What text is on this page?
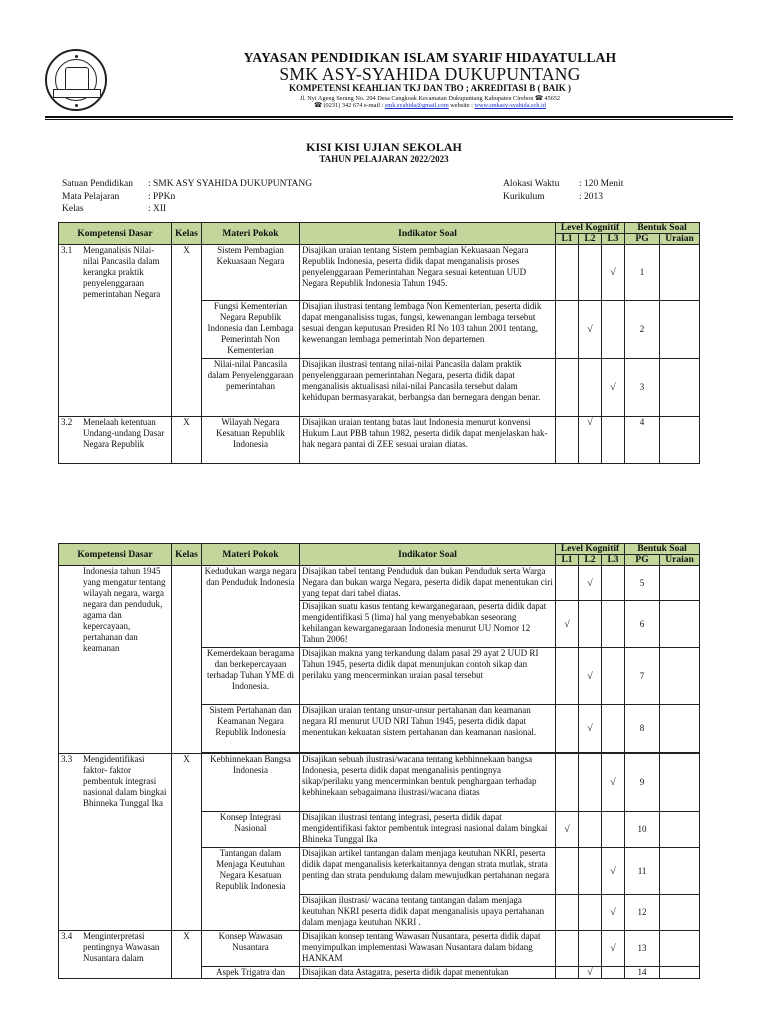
YAYASAN PENDIDIKAN ISLAM SYARIF HIDAYATULLAH
SMK ASY-SYAHIDA DUKUPUNTANG
KOMPETENSI KEAHLIAN TKJ DAN TBO ; AKREDITASI B ( BAIK )
Jl. Nyi Ageng Serang No. 204 Desa Cangkoak Kecamatan Dukupuntang Kabupaten Cirebon ☎ 45652
☎ (0231) 342 674 e-mail : smk.syahida@gmail.com website : www.smkasy-syahida.sch.id
KISI KISI UJIAN SEKOLAH
TAHUN PELAJARAN 2022/2023
Satuan Pendidikan : SMK ASY SYAHIDA DUKUPUNTANG
Mata Pelajaran	: PPKn
Kelas	: XII
Alokasi Waktu : 120 Menit
Kurikulum	: 2013
Kompetensi Dasar	Kelas	Materi Pokok	Indikator Soal	Level Kognitif			Bentuk Soal	
				L1	L2	L3	PG	Uraian

3.1 Menganalisis Nilai-nilai Pancasila dalam kerangka praktik penyelenggaraan pemerintahan Negara	X	Sistem Pembagian Kekuasaan Negara	Disajikan uraian tentang Sistem pembagian Kekuasaan Negara Republik Indonesia, peserta didik dapat menganalisis proses penyelenggaraan Pemerintahan Negara sesuai ketentuan UUD Negara Republik Indonesia Tahun 1945.			√	1	
		Fungsi Kementerian Negara Republik Indonesia dan Lembaga Pemerintah Non Kementerian	Disajian ilustrasi tentang lembaga Non Kementerian, peserta didik dapat menganalisiss tugas, fungsi, kewenangan lembaga tersebut sesuai dengan keputusan Presiden RI No 103 tahun 2001 tentang, kewenangan lembaga pemerintah Non departemen		√		2	
		Nilai-nilai Pancasila dalam Penyelenggaraan pemerintahan	Disajikan ilustrasi tentang nilai-nilai Pancasila dalam praktik penyelenggaraan pemerintahan Negara, peserta didik dapat menganalisis aktualisasi nilai-nilai Pancasila tersebut dalam kehidupan bermasyarakat, berbangsa dan bernegara dengan benar.			√	3	

3.2 Menelaah ketentuan Undang-undang Dasar Negara Republik	X	Wilayah Negara Kesatuan Republik Indonesia	Disajikan uraian tentang batas laut Indonesia menurut konvensi Hukum Laut PBB tahun 1982, peserta didik dapat menjelaskan hak- hak negara pantai di ZEE sesuai uraian diatas.		√		4	
Kompetensi Dasar	Kelas	Materi Pokok	Indikator Soal	Level Kognitif			Bentuk Soal	
				L1	L2	L3	PG	Uraian

Indonesia tahun 1945 yang mengatur tentang wilayah negara, warga negara dan penduduk, agama dan kepercayaan, pertahanan dan keamanan		Kedudukan warga negara dan Penduduk Indonesia	Disajikan tabel tentang Penduduk dan bukan Penduduk serta Warga Negara dan bukan warga Negara, peserta didik dapat menentukan ciri yang tepat dari tabel diatas.		√		5	
			Disajikan suatu kasus tentang kewarganegaraan, peserta didik dapat mengidentifikasi 5 (lima) hal yang menyebabkan seseorang kehilangan kewarganegaraan Indonesia menurut UU Nomor 12 Tahun 2006!	√			6	
		Kemerdekaan beragama dan berkepercayaan terhadap Tuhan YME di Indonesia.	Disajikan makna yang terkandung dalam pasal 29 ayat 2 UUD RI Tahun 1945, peserta didik dapat menunjukan contoh sikap dan perilaku yang mencerminkan uraian pasal tersebut		√		7	
		Sistem Pertahanan dan Keamanan Negara Republik Indonesia	Disajikan uraian tentang unsur-unsur pertahanan dan keamanan negara RI menurut UUD NRI Tahun 1945, peserta didik dapat menentukan kekuatan sistem pertahanan dan keamanan nasional.		√		8	

3.3 Mengidentifikasi faktor- faktor pembentuk integrasi nasional dalam bingkai Bhinneka Tunggal Ika	X	Kebhinnekaan Bangsa Indonesia	Disajikan sebuah ilustrasi/wacana tentang kebhinnekaan bangsa Indonesia, peserta didik dapat menganalisis pentingnya sikap/perilaku yang mencerminkan bentuk penghargaan terhadap kebhinekaan sebagaimana ilustrasi/wacana diatas			√	9	
		Konsep Integrasi Nasional	Disajikan ilustrasi tentang integrasi, peserta didik dapat mengidentifikasi faktor pembentuk integrasi nasional dalam bingkai Bhineka Tunggal Ika	√			10	
		Tantangan dalam Menjaga Keutuhan Negara Kesatuan Republik Indonesia	Disajikan artikel tantangan dalam menjaga keutuhan NKRI, peserta didik dapat menganalisis keterkaitannya dengan strata mutlak, strata penting dan strata pendukung dalam mewujudkan pertahanan negara			√	11	
			Disajikan ilustrasi/ wacana tentang tantangan dalam menjaga keutuhan NKRI peserta didik dapat menganalisis upaya pertahanan dalam menjaga keutuhan NKRI .			√	12	

3.4 Menginterpretasi pentingnya Wawasan Nusantara dalam	X	Konsep Wawasan Nusantara	Disajikan konsep tentang Wawasan Nusantara, peserta didik dapat menyimpulkan implementasi Wawasan Nusantara dalam bidang HANKAM			√	13	
		Aspek Trigatra dan	Disajikan data Astagatra, peserta didik dapat menentukan		√		14	
